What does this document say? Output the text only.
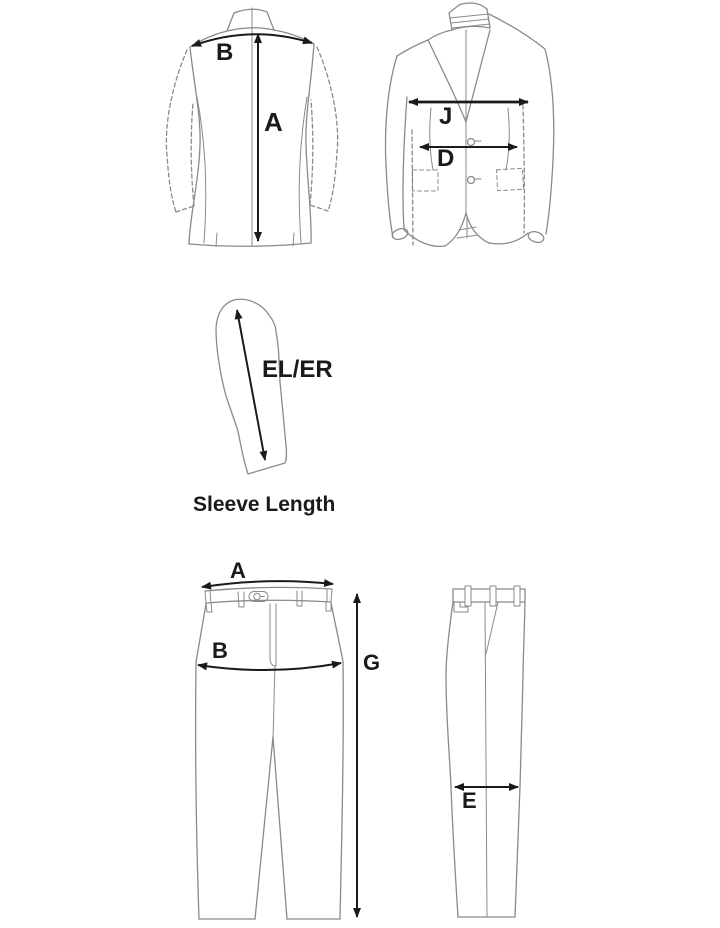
B
A	J
D
EL/ER
Sleeve Length
A
B	G
E
